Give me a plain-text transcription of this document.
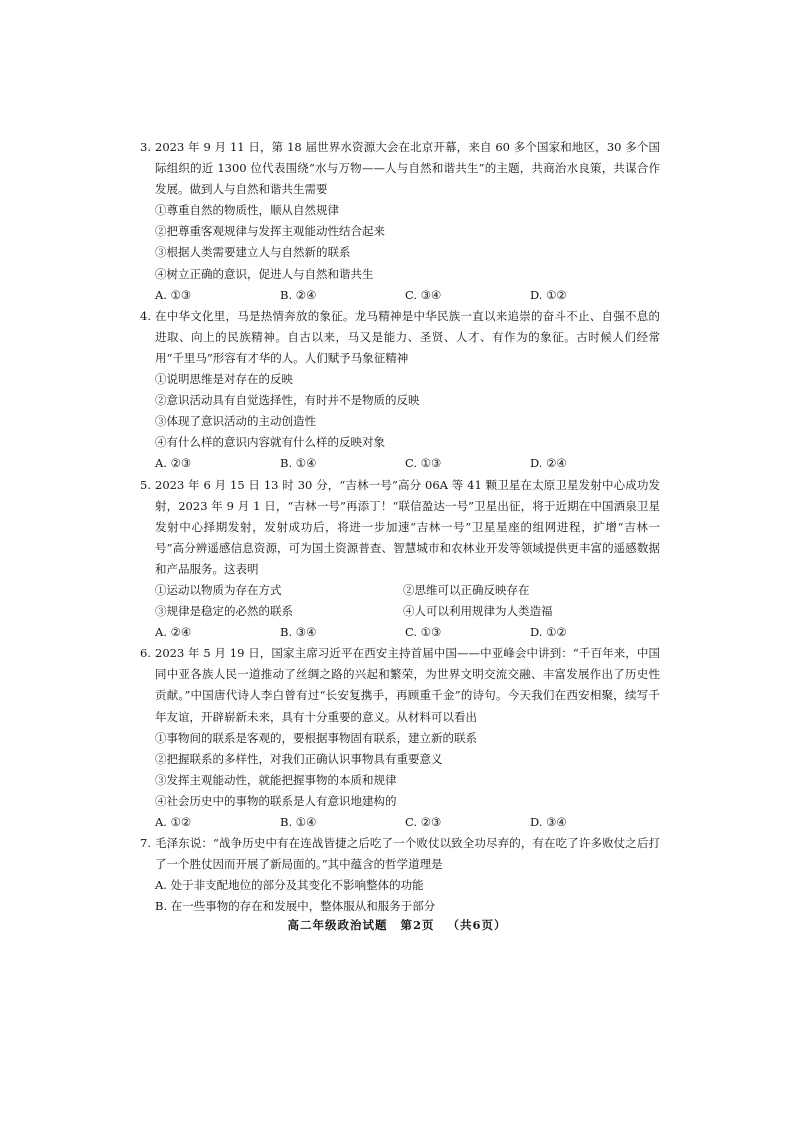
3. 2023 年 9 月 11 日，第 18 届世界水资源大会在北京开幕，来自 60 多个国家和地区，30 多个国际组织的近 1300 位代表围绕“水与万物——人与自然和谐共生”的主题，共商治水良策，共谋合作发展。做到人与自然和谐共生需要

①尊重自然的物质性，顺从自然规律

②把尊重客观规律与发挥主观能动性结合起来

③根据人类需要建立人与自然新的联系

④树立正确的意识，促进人与自然和谐共生

A. ①③	B. ②④	C. ③④	D. ①②
4. 在中华文化里，马是热情奔放的象征。龙马精神是中华民族一直以来追崇的奋斗不止、自强不息的进取、向上的民族精神。自古以来，马又是能力、圣贤、人才、有作为的象征。古时候人们经常用“千里马”形容有才华的人。人们赋予马象征精神

①说明思维是对存在的反映

②意识活动具有自觉选择性，有时并不是物质的反映

③体现了意识活动的主动创造性

④有什么样的意识内容就有什么样的反映对象

A. ②③	B. ①④	C. ①③	D. ②④
5. 2023 年 6 月 15 日 13 时 30 分，“吉林一号”高分 06A 等 41 颗卫星在太原卫星发射中心成功发射，2023 年 9 月 1 日，“吉林一号”再添丁！“联信盈达一号”卫星出征，将于近期在中国酒泉卫星发射中心择期发射，发射成功后，将进一步加速“吉林一号”卫星星座的组网进程，扩增“吉林一号”高分辨遥感信息资源，可为国土资源普查、智慧城市和农林业开发等领域提供更丰富的遥感数据和产品服务。这表明

①运动以物质为存在方式	②思维可以正确反映存在

③规律是稳定的必然的联系	④人可以利用规律为人类造福

A. ②④	B. ③④	C. ①③	D. ①②
6. 2023 年 5 月 19 日，国家主席习近平在西安主持首届中国——中亚峰会中讲到：“千百年来，中国同中亚各族人民一道推动了丝绸之路的兴起和繁荣，为世界文明交流交融、丰富发展作出了历史性贡献。”中国唐代诗人李白曾有过“长安复携手，再顾重千金”的诗句。今天我们在西安相聚，续写千年友谊，开辟崭新未来，具有十分重要的意义。从材料可以看出

①事物间的联系是客观的，要根据事物固有联系，建立新的联系

②把握联系的多样性，对我们正确认识事物具有重要意义

③发挥主观能动性，就能把握事物的本质和规律

④社会历史中的事物的联系是人有意识地建构的

A. ①②	B. ①④	C. ②③	D. ③④
7. 毛泽东说：“战争历史中有在连战皆捷之后吃了一个败仗以致全功尽弃的，有在吃了许多败仗之后打了一个胜仗因而开展了新局面的。”其中蕴含的哲学道理是

A. 处于非支配地位的部分及其变化不影响整体的功能

B. 在一些事物的存在和发展中，整体服从和服务于部分

高二年级政治试题 第2页 （共6页）
